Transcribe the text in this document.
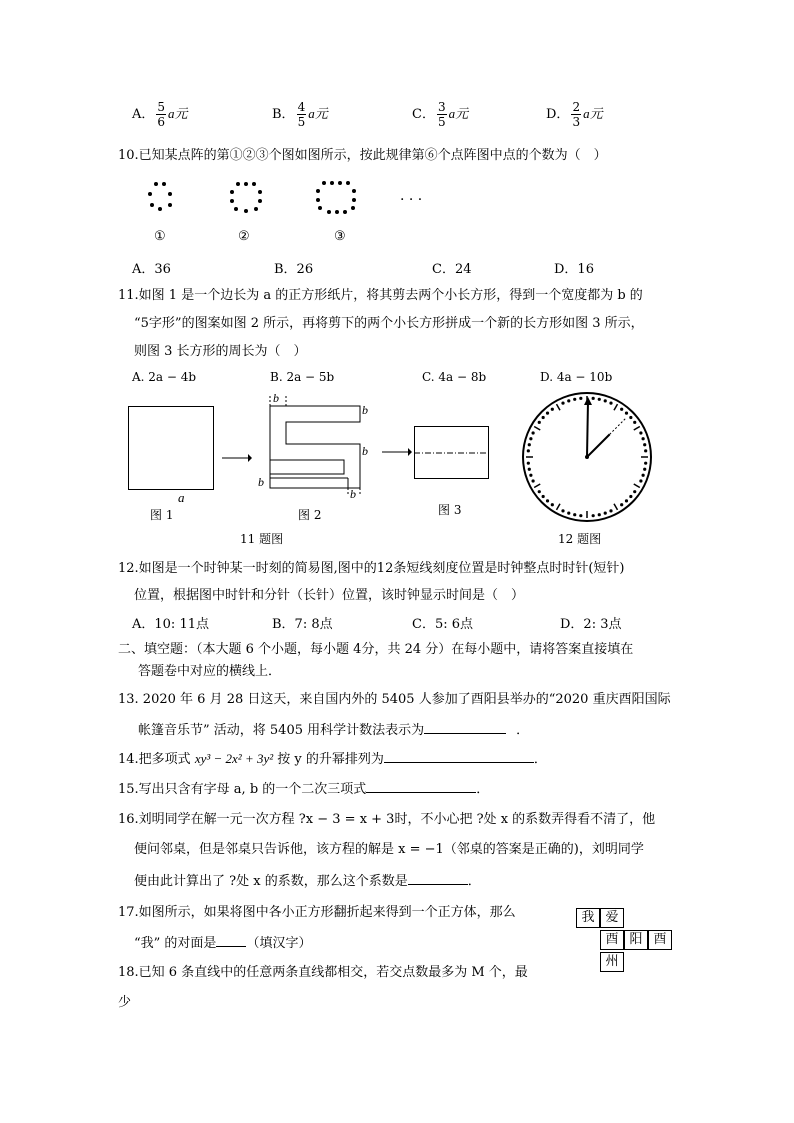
A． $\frac{5}{6}$ a元	B． $\frac{4}{5}$ a元	C． $\frac{3}{5}$ a元	D． $\frac{2}{3}$ a元
10.已知某点阵的第①②③个图如图所示，按此规律第⑥个点阵图中点的个数为（　）
· · ·
①	②	③
A．36	B．26	C．24	D．16
11.如图 1 是一个边长为 a 的正方形纸片，将其剪去两个小长方形，得到一个宽度都为 b 的
“5字形”的图案如图 2 所示，再将剪下的两个小长方形拼成一个新的长方形如图 3 所示，
则图 3 长方形的周长为（　）
A. 2a − 4b	B. 2a − 5b	C. 4a − 8b	D. 4a − 10b
a
图 1
b
b
b
b
b
图 2	图 3
11 题图	12 题图
12.如图是一个时钟某一时刻的简易图,图中的12条短线刻度位置是时钟整点时时针(短针)
位置，根据图中时针和分针（长针）位置，该时钟显示时间是（　）
A．10: 11点	B．7: 8点	C．5: 6点	D．2: 3点
二、填空题：（本大题 6 个小题，每小题 4分，共 24 分）在每小题中，请将答案直接填在
答题卷中对应的横线上．
13. 2020 年 6 月 28 日这天，来自国内外的 5405 人参加了酉阳县举办的“2020 重庆酉阳国际
帐篷音乐节” 活动，将 5405 用科学计数法表示为	．
14.把多项式 xy³ − 2x² + 3y² 按 y 的升幂排列为	．
15.写出只含有字母 a, b 的一个二次三项式	．
16.刘明同学在解一元一次方程 ?x − 3 = x + 3时，不小心把 ?处 x 的系数弄得看不清了，他
便问邻桌，但是邻桌只告诉他，该方程的解是 x = −1（邻桌的答案是正确的)，刘明同学
便由此计算出了 ?处 x 的系数，那么这个系数是	．
17.如图所示，如果将图中各小正方形翻折起来得到一个正方体，那么
“我” 的对面是 （填汉字）
我 爱
酉 阳 酉
州
18.已知 6 条直线中的任意两条直线都相交，若交点数最多为 M 个，最
少
